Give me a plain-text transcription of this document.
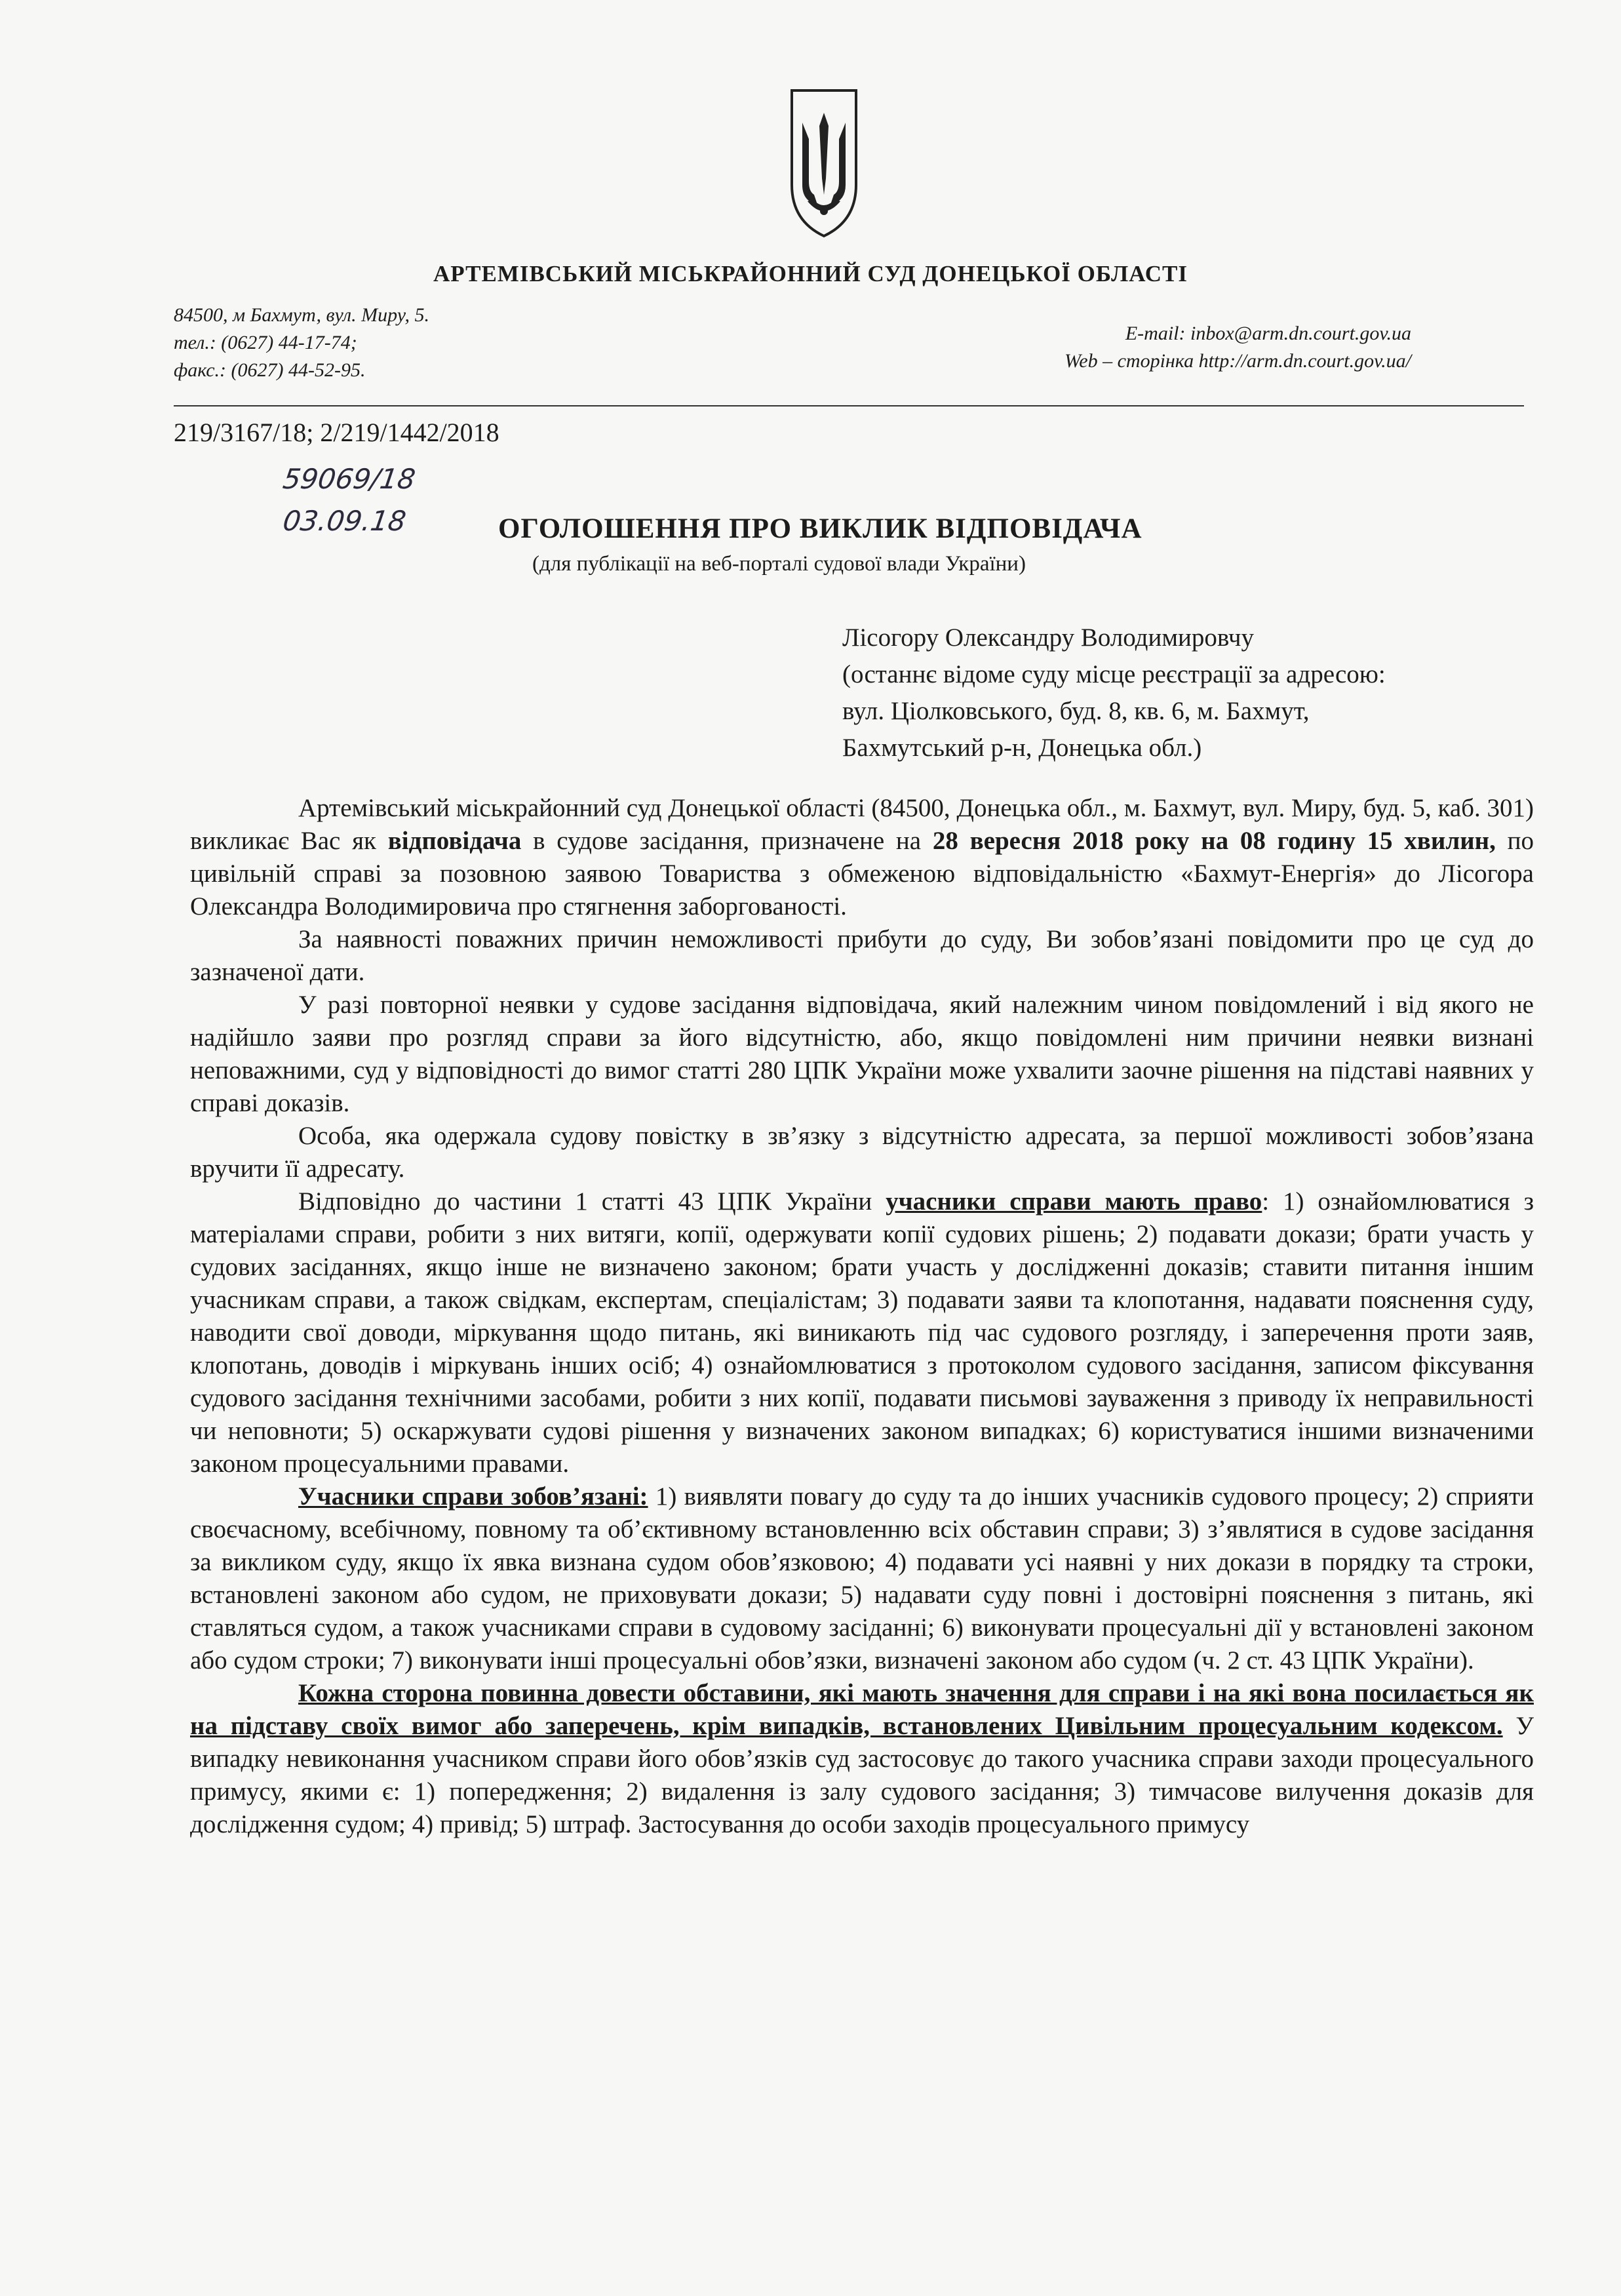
АРТЕМІВСЬКИЙ МІСЬКРАЙОННИЙ СУД ДОНЕЦЬКОЇ ОБЛАСТІ
84500, м Бахмут, вул. Миру, 5.
тел.: (0627) 44-17-74;
факс.: (0627) 44-52-95.
E-mail: inbox@arm.dn.court.gov.ua
Web – сторінка http://arm.dn.court.gov.ua/
219/3167/18; 2/219/1442/2018
59069/18
03.09.18	ОГОЛОШЕННЯ ПРО ВИКЛИК ВІДПОВІДАЧА
(для публікації на веб-порталі судової влади України)
Лісогору Олександру Володимировчу
(останнє відоме суду місце реєстрації за адресою:
вул. Ціолковського, буд. 8, кв. 6, м. Бахмут,
Бахмутський р-н, Донецька обл.)

Артемівський міськрайонний суд Донецької області (84500, Донецька обл., м. Бахмут, вул. Миру, буд. 5, каб. 301) викликає Вас як відповідача в судове засідання, призначене на 28 вересня 2018 року на 08 годину 15 хвилин, по цивільній справі за позовною заявою Товариства з обмеженою відповідальністю «Бахмут-Енергія» до Лісогора Олександра Володимировича про стягнення заборгованості.

За наявності поважних причин неможливості прибути до суду, Ви зобов’язані повідомити про це суд до зазначеної дати.

У разі повторної неявки у судове засідання відповідача, який належним чином повідомлений і від якого не надійшло заяви про розгляд справи за його відсутністю, або, якщо повідомлені ним причини неявки визнані неповажними, суд у відповідності до вимог статті 280 ЦПК України може ухвалити заочне рішення на підставі наявних у справі доказів.

Особа, яка одержала судову повістку в зв’язку з відсутністю адресата, за першої можливості зобов’язана вручити її адресату.

Відповідно до частини 1 статті 43 ЦПК України учасники справи мають право: 1) ознайомлюватися з матеріалами справи, робити з них витяги, копії, одержувати копії судових рішень; 2) подавати докази; брати участь у судових засіданнях, якщо інше не визначено законом; брати участь у дослідженні доказів; ставити питання іншим учасникам справи, а також свідкам, експертам, спеціалістам; 3) подавати заяви та клопотання, надавати пояснення суду, наводити свої доводи, міркування щодо питань, які виникають під час судового розгляду, і заперечення проти заяв, клопотань, доводів і міркувань інших осіб; 4) ознайомлюватися з протоколом судового засідання, записом фіксування судового засідання технічними засобами, робити з них копії, подавати письмові зауваження з приводу їх неправильності чи неповноти; 5) оскаржувати судові рішення у визначених законом випадках; 6) користуватися іншими визначеними законом процесуальними правами.

Учасники справи зобов’язані: 1) виявляти повагу до суду та до інших учасників судового процесу; 2) сприяти своєчасному, всебічному, повному та об’єктивному встановленню всіх обставин справи; 3) з’являтися в судове засідання за викликом суду, якщо їх явка визнана судом обов’язковою; 4) подавати усі наявні у них докази в порядку та строки, встановлені законом або судом, не приховувати докази; 5) надавати суду повні і достовірні пояснення з питань, які ставляться судом, а також учасниками справи в судовому засіданні; 6) виконувати процесуальні дії у встановлені законом або судом строки; 7) виконувати інші процесуальні обов’язки, визначені законом або судом (ч. 2 ст. 43 ЦПК України).

Кожна сторона повинна довести обставини, які мають значення для справи і на які вона посилається як на підставу своїх вимог або заперечень, крім випадків, встановлених Цивільним процесуальним кодексом. У випадку невиконання учасником справи його обов’язків суд застосовує до такого учасника справи заходи процесуального примусу, якими є: 1) попередження; 2) видалення із залу судового засідання; 3) тимчасове вилучення доказів для дослідження судом; 4) привід; 5) штраф. Застосування до особи заходів процесуального примусу
